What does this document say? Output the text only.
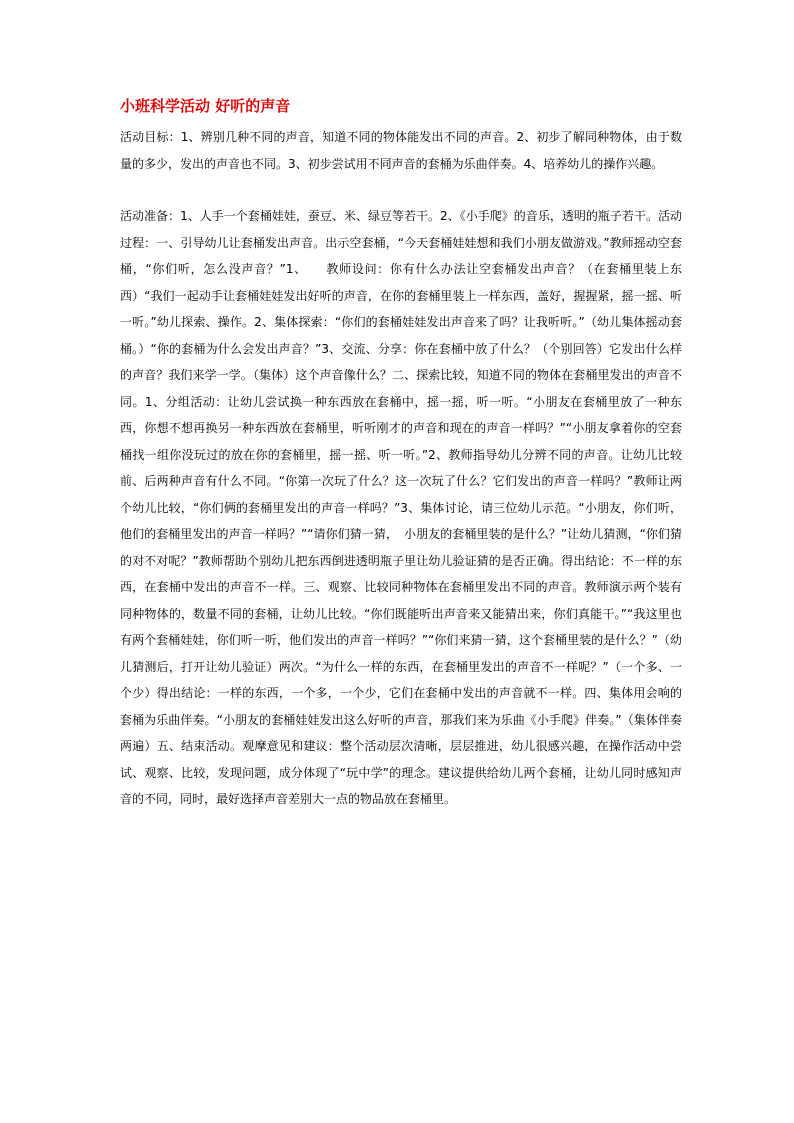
小班科学活动 好听的声音

活动目标：1、辨别几种不同的声音，知道不同的物体能发出不同的声音。2、初步了解同种物体，由于数量的多少，发出的声音也不同。3、初步尝试用不同声音的套桶为乐曲伴奏。4、培养幼儿的操作兴趣。

活动准备：1、人手一个套桶娃娃，蚕豆、米、绿豆等若干。2、《小手爬》的音乐，透明的瓶子若干。活动过程：一、引导幼儿让套桶发出声音。出示空套桶，“今天套桶娃娃想和我们小朋友做游戏。”教师摇动空套桶，“你们听，怎么没声音？”1、　　教师设问：你有什么办法让空套桶发出声音？（在套桶里装上东西）“我们一起动手让套桶娃娃发出好听的声音，在你的套桶里装上一样东西，盖好，握握紧，摇一摇、听一听。”幼儿探索、操作。2、集体探索：“你们的套桶娃娃发出声音来了吗？让我听听。”（幼儿集体摇动套桶。）“你的套桶为什么会发出声音？”3、交流、分享：你在套桶中放了什么？（个别回答）它发出什么样的声音？我们来学一学。（集体）这个声音像什么？二、探索比较，知道不同的物体在套桶里发出的声音不同。1、分组活动：让幼儿尝试换一种东西放在套桶中，摇一摇，听一听。“小朋友在套桶里放了一种东西，你想不想再换另一种东西放在套桶里，听听刚才的声音和现在的声音一样吗？”“小朋友拿着你的空套桶找一组你没玩过的放在你的套桶里，摇一摇、听一听。”2、教师指导幼儿分辨不同的声音。让幼儿比较前、后两种声音有什么不同。“你第一次玩了什么？这一次玩了什么？它们发出的声音一样吗？”教师让两个幼儿比较，“你们俩的套桶里发出的声音一样吗？”3、集体讨论，请三位幼儿示范。“小朋友，你们听，他们的套桶里发出的声音一样吗？”“请你们猜一猜，　小朋友的套桶里装的是什么？”让幼儿猜测，“你们猜的对不对呢？”教师帮助个别幼儿把东西倒进透明瓶子里让幼儿验证猜的是否正确。得出结论：不一样的东西，在套桶中发出的声音不一样。三、观察、比较同种物体在套桶里发出不同的声音。教师演示两个装有同种物体的，数量不同的套桶，让幼儿比较。“你们既能听出声音来又能猜出来，你们真能干。”“我这里也有两个套桶娃娃，你们听一听，他们发出的声音一样吗？”“你们来猜一猜，这个套桶里装的是什么？”（幼儿猜测后，打开让幼儿验证）两次。“为什么一样的东西，在套桶里发出的声音不一样呢？”（一个多、一个少）得出结论：一样的东西，一个多，一个少，它们在套桶中发出的声音就不一样。四、集体用会响的套桶为乐曲伴奏。“小朋友的套桶娃娃发出这么好听的声音，那我们来为乐曲《小手爬》伴奏。”（集体伴奏两遍）五、结束活动。观摩意见和建议：整个活动层次清晰，层层推进，幼儿很感兴趣，在操作活动中尝试、观察、比较，发现问题，成分体现了“玩中学”的理念。建议提供给幼儿两个套桶，让幼儿同时感知声音的不同，同时，最好选择声音差别大一点的物品放在套桶里。
